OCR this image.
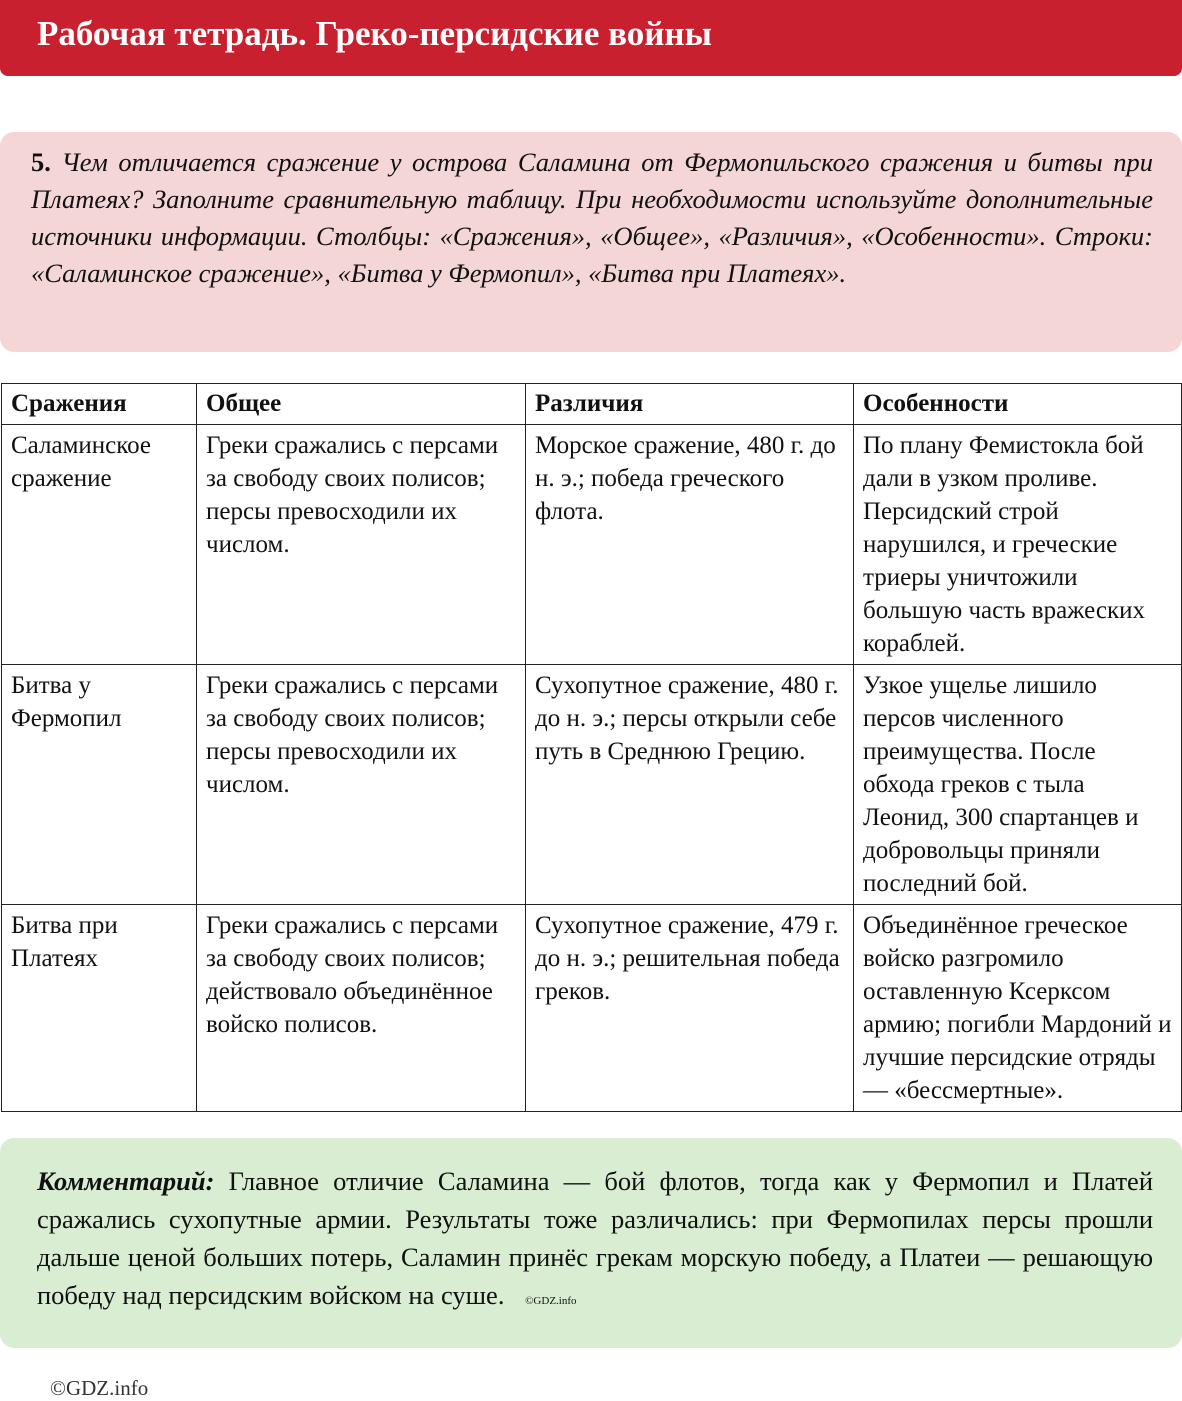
Рабочая тетрадь. Греко-персидские войны
5. Чем отличается сражение у острова Саламина от Фермопильского сражения и битвы при Платеях? Заполните сравнительную таблицу. При необходимости используйте дополнительные источники информации. Столбцы: «Сражения», «Общее», «Различия», «Особенности». Строки: «Саламинское сражение», «Битва у Фермопил», «Битва при Платеях».
Сражения	Общее	Различия	Особенности
Саламинское сражение	Греки сражались с персами за свободу своих полисов; персы превосходили их числом.	Морское сражение, 480 г. до н. э.; победа греческого флота.	По плану Фемистокла бой дали в узком проливе. Персидский строй нарушился, и греческие триеры уничтожили большую часть вражеских кораблей.
Битва у Фермопил	Греки сражались с персами за свободу своих полисов; персы превосходили их числом.	Сухопутное сражение, 480 г. до н. э.; персы открыли себе путь в Среднюю Грецию.	Узкое ущелье лишило персов численного преимущества. После обхода греков с тыла Леонид, 300 спартанцев и добровольцы приняли последний бой.
Битва при Платеях	Греки сражались с персами за свободу своих полисов; действовало объединённое войско полисов.	Сухопутное сражение, 479 г. до н. э.; решительная победа греков.	Объединённое греческое войско разгромило оставленную Ксерксом армию; погибли Мардоний и лучшие персидские отряды — «бессмертные».
Комментарий: Главное отличие Саламина — бой флотов, тогда как у Фермопил и Платей сражались сухопутные армии. Результаты тоже различались: при Фермопилах персы прошли дальше ценой больших потерь, Саламин принёс грекам морскую победу, а Платеи — решающую победу над персидским войском на суше. ©GDZ.info
©GDZ.info
